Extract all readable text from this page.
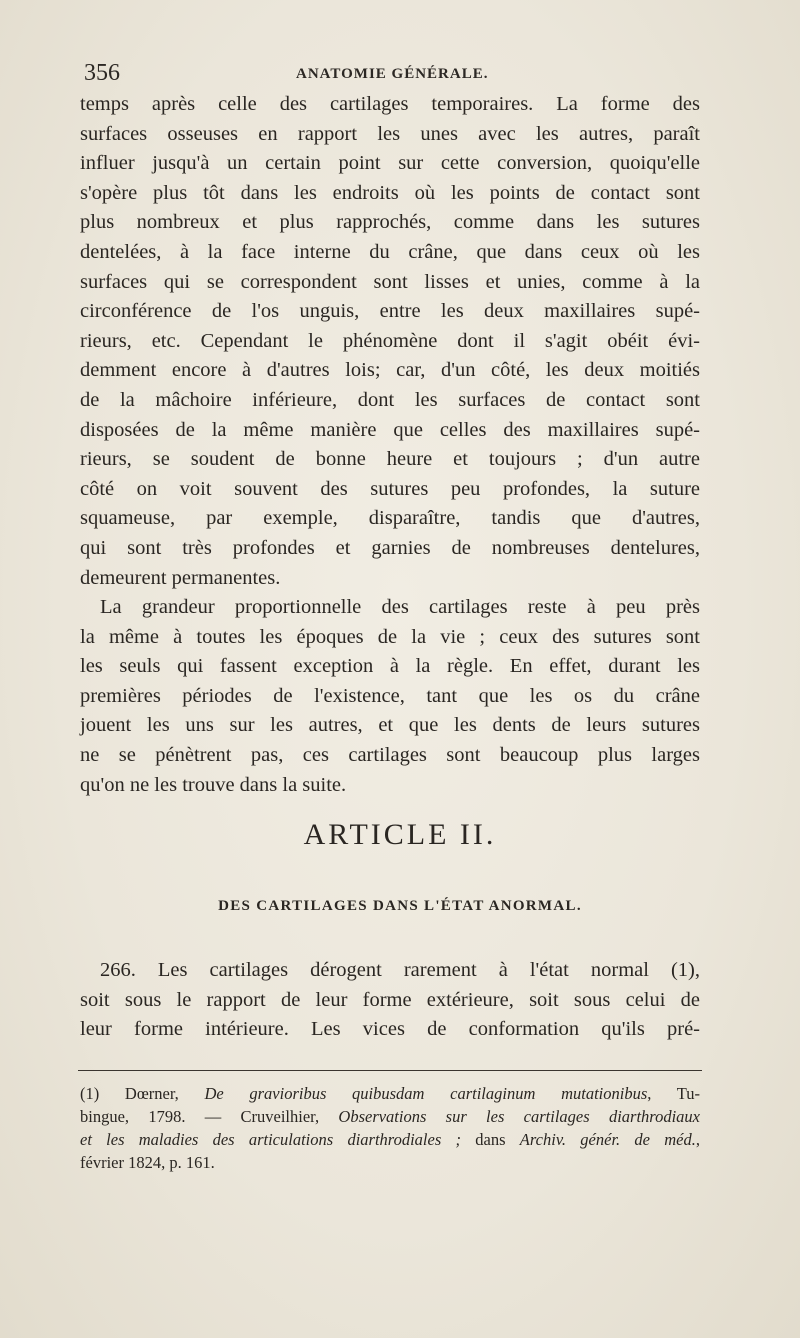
356	ANATOMIE GÉNÉRALE.
temps après celle des cartilages temporaires. La forme des
surfaces osseuses en rapport les unes avec les autres, paraît
influer jusqu'à un certain point sur cette conversion, quoiqu'elle
s'opère plus tôt dans les endroits où les points de contact sont
plus nombreux et plus rapprochés, comme dans les sutures
dentelées, à la face interne du crâne, que dans ceux où les
surfaces qui se correspondent sont lisses et unies, comme à la
circonférence de l'os unguis, entre les deux maxillaires supé-
rieurs, etc. Cependant le phénomène dont il s'agit obéit évi-
demment encore à d'autres lois; car, d'un côté, les deux moitiés
de la mâchoire inférieure, dont les surfaces de contact sont
disposées de la même manière que celles des maxillaires supé-
rieurs, se soudent de bonne heure et toujours ; d'un autre
côté on voit souvent des sutures peu profondes, la suture
squameuse, par exemple, disparaître, tandis que d'autres,
qui sont très profondes et garnies de nombreuses dentelures,
demeurent permanentes.
La grandeur proportionnelle des cartilages reste à peu près
la même à toutes les époques de la vie ; ceux des sutures sont
les seuls qui fassent exception à la règle. En effet, durant les
premières périodes de l'existence, tant que les os du crâne
jouent les uns sur les autres, et que les dents de leurs sutures
ne se pénètrent pas, ces cartilages sont beaucoup plus larges
qu'on ne les trouve dans la suite.
ARTICLE II.
DES CARTILAGES DANS L'ÉTAT ANORMAL.
266. Les cartilages dérogent rarement à l'état normal (1),
soit sous le rapport de leur forme extérieure, soit sous celui de
leur forme intérieure. Les vices de conformation qu'ils pré-
(1) Dœrner, De gravioribus quibusdam cartilaginum mutationibus, Tu-
bingue, 1798. — Cruveilhier, Observations sur les cartilages diarthrodiaux
et les maladies des articulations diarthrodiales ; dans Archiv. génér. de méd.,
février 1824, p. 161.
